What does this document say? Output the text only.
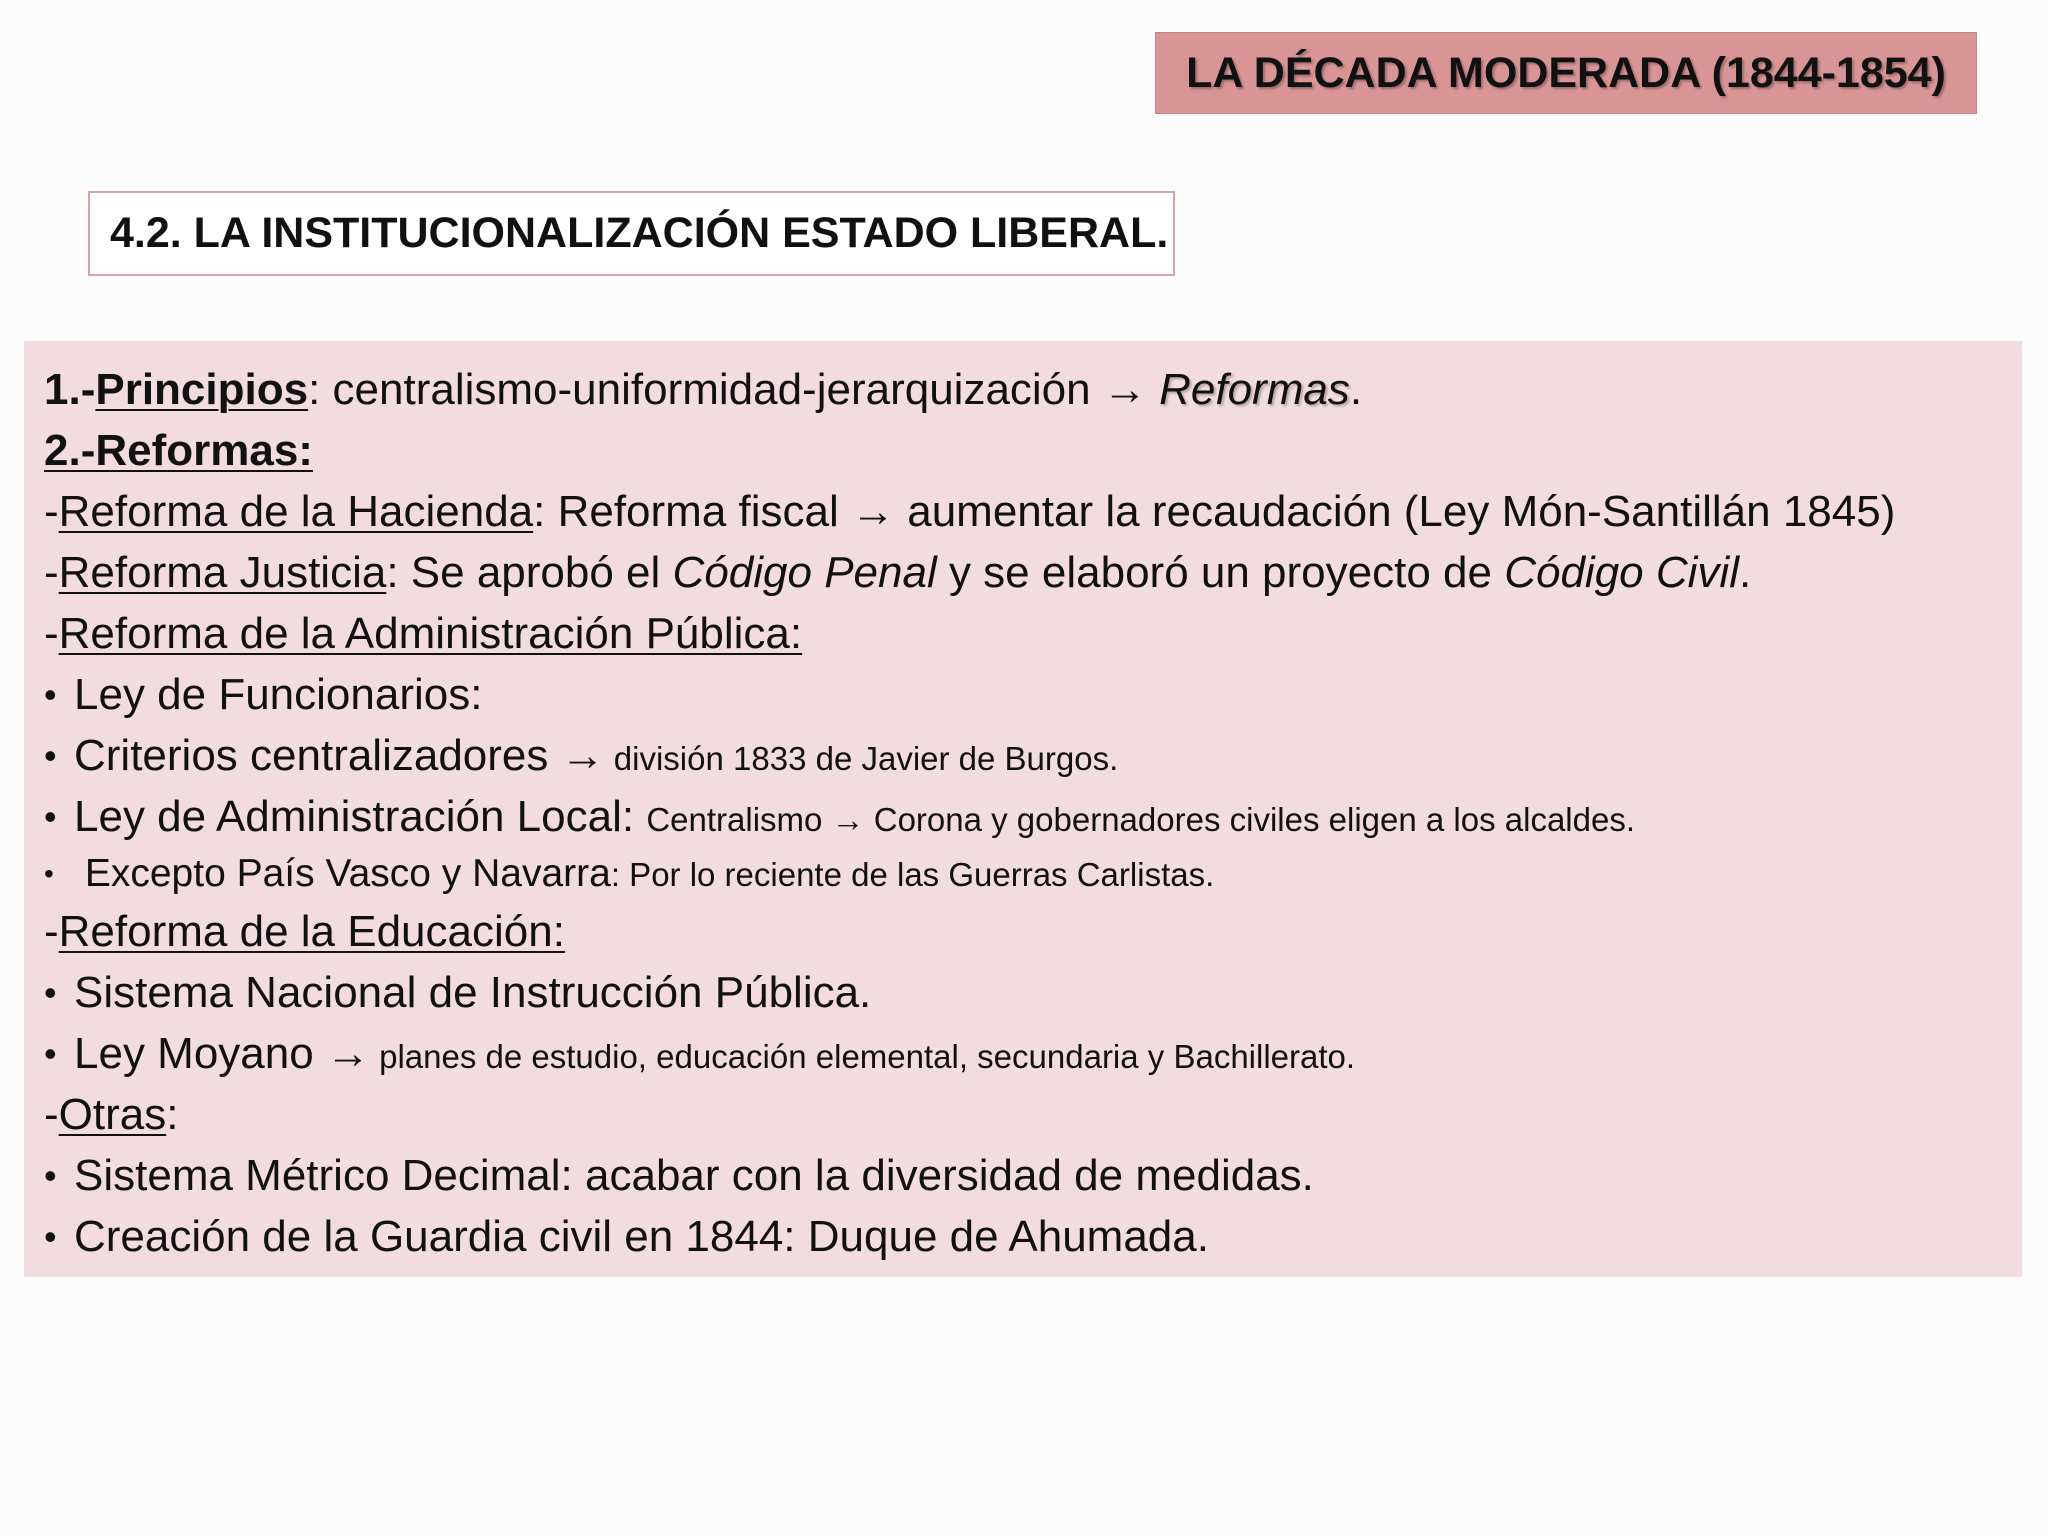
LA DÉCADA MODERADA (1844-1854)
4.2. LA INSTITUCIONALIZACIÓN ESTADO LIBERAL.
1.-Principios: centralismo-uniformidad-jerarquización → Reformas.
2.-Reformas:
-Reforma de la Hacienda: Reforma fiscal → aumentar la recaudación (Ley Món-Santillán 1845)
-Reforma Justicia: Se aprobó el Código Penal y se elaboró un proyecto de Código Civil.
-Reforma de la Administración Pública:
• Ley de Funcionarios:
• Criterios centralizadores → división 1833 de Javier de Burgos.
• Ley de Administración Local: Centralismo → Corona y gobernadores civiles eligen a los alcaldes.
• Excepto País Vasco y Navarra: Por lo reciente de las Guerras Carlistas.
-Reforma de la Educación:
• Sistema Nacional de Instrucción Pública.
• Ley Moyano → planes de estudio, educación elemental, secundaria y Bachillerato.
-Otras:
• Sistema Métrico Decimal: acabar con la diversidad de medidas.
• Creación de la Guardia civil en 1844: Duque de Ahumada.
